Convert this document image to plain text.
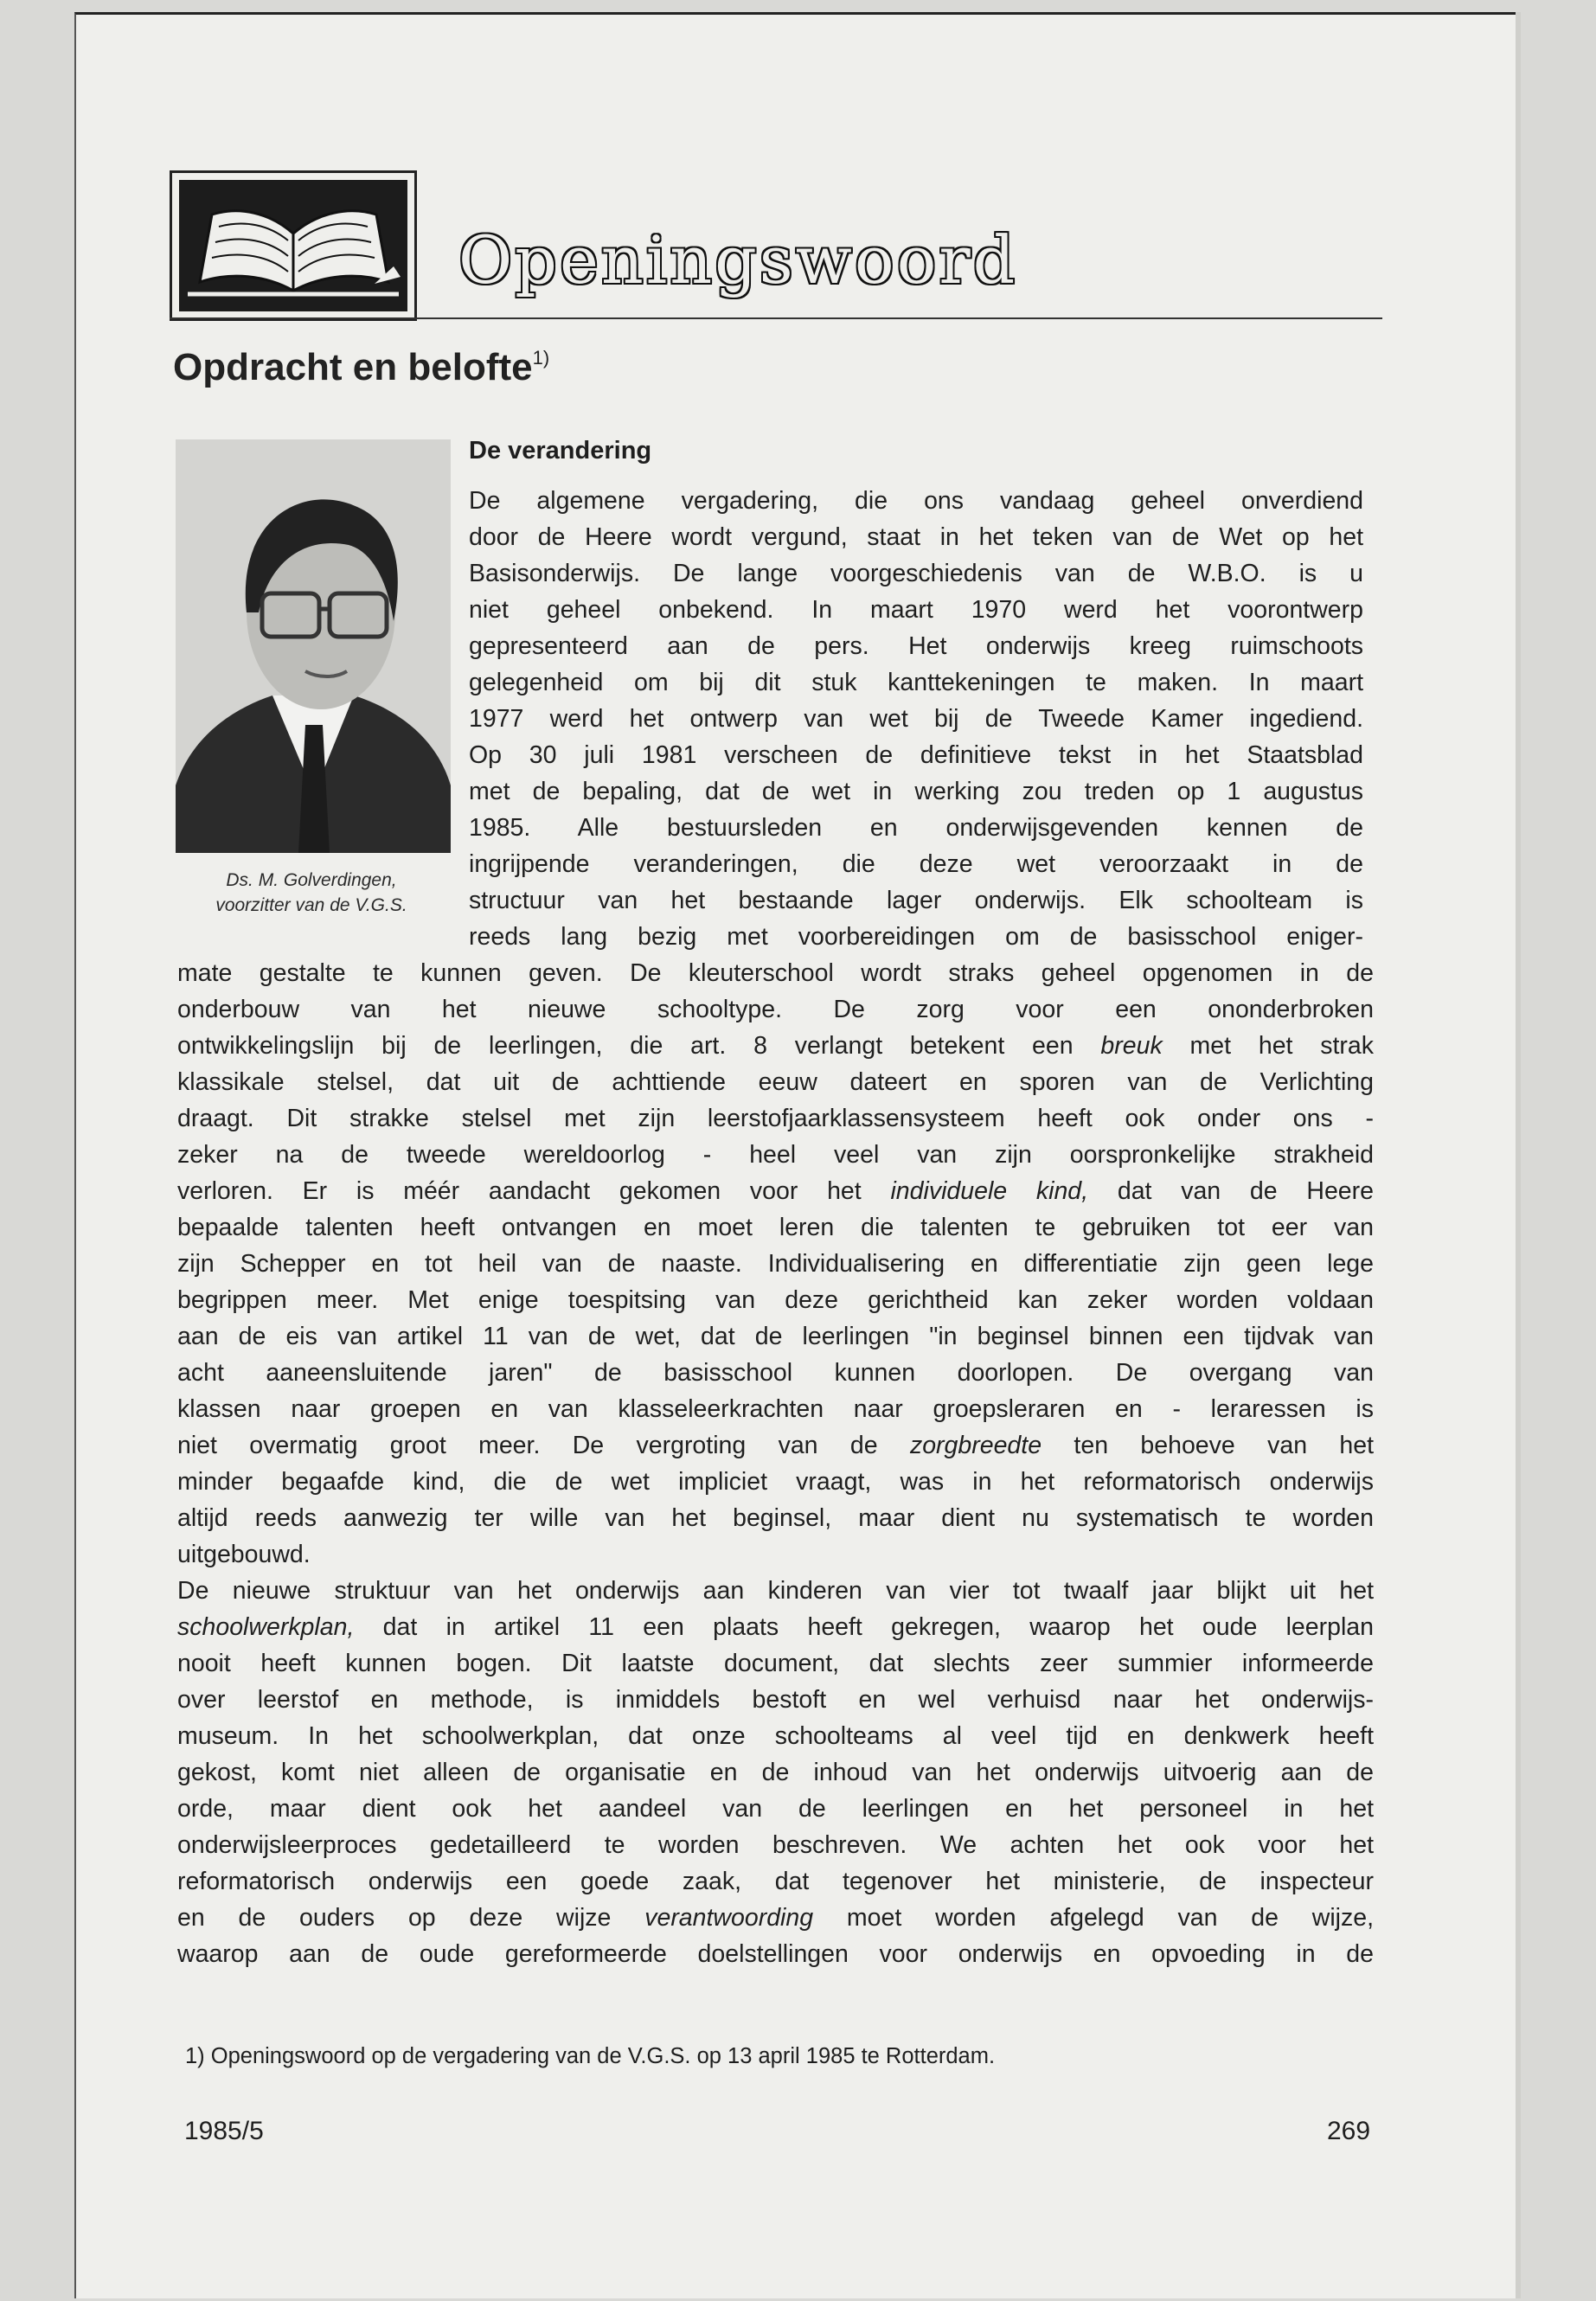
Openingswoord
Opdracht en belofte$^{1)}$
Ds. M. Golverdingen,
voorzitter van de V.G.S.
De verandering
De algemene vergadering, die ons vandaag geheel onverdiend
door de Heere wordt vergund, staat in het teken van de Wet op het
Basisonderwijs. De lange voorgeschiedenis van de W.B.O. is u
niet geheel onbekend. In maart 1970 werd het voorontwerp
gepresenteerd aan de pers. Het onderwijs kreeg ruimschoots
gelegenheid om bij dit stuk kanttekeningen te maken. In maart
1977 werd het ontwerp van wet bij de Tweede Kamer ingediend.
Op 30 juli 1981 verscheen de definitieve tekst in het Staatsblad
met de bepaling, dat de wet in werking zou treden op 1 augustus
1985. Alle bestuursleden en onderwijsgevenden kennen de
ingrijpende veranderingen, die deze wet veroorzaakt in de
structuur van het bestaande lager onderwijs. Elk schoolteam is
reeds lang bezig met voorbereidingen om de basisschool eniger-
mate gestalte te kunnen geven. De kleuterschool wordt straks geheel opgenomen in de
onderbouw van het nieuwe schooltype. De zorg voor een ononderbroken
ontwikkelingslijn bij de leerlingen, die art. 8 verlangt betekent een breuk met het strak
klassikale stelsel, dat uit de achttiende eeuw dateert en sporen van de Verlichting
draagt. Dit strakke stelsel met zijn leerstofjaarklassensysteem heeft ook onder ons -
zeker na de tweede wereldoorlog - heel veel van zijn oorspronkelijke strakheid
verloren. Er is méér aandacht gekomen voor het individuele kind, dat van de Heere
bepaalde talenten heeft ontvangen en moet leren die talenten te gebruiken tot eer van
zijn Schepper en tot heil van de naaste. Individualisering en differentiatie zijn geen lege
begrippen meer. Met enige toespitsing van deze gerichtheid kan zeker worden voldaan
aan de eis van artikel 11 van de wet, dat de leerlingen "in beginsel binnen een tijdvak van
acht aaneensluitende jaren" de basisschool kunnen doorlopen. De overgang van
klassen naar groepen en van klasseleerkrachten naar groepsleraren en - leraressen is
niet overmatig groot meer. De vergroting van de zorgbreedte ten behoeve van het
minder begaafde kind, die de wet impliciet vraagt, was in het reformatorisch onderwijs
altijd reeds aanwezig ter wille van het beginsel, maar dient nu systematisch te worden
uitgebouwd.
De nieuwe struktuur van het onderwijs aan kinderen van vier tot twaalf jaar blijkt uit het
schoolwerkplan, dat in artikel 11 een plaats heeft gekregen, waarop het oude leerplan
nooit heeft kunnen bogen. Dit laatste document, dat slechts zeer summier informeerde
over leerstof en methode, is inmiddels bestoft en wel verhuisd naar het onderwijs-
museum. In het schoolwerkplan, dat onze schoolteams al veel tijd en denkwerk heeft
gekost, komt niet alleen de organisatie en de inhoud van het onderwijs uitvoerig aan de
orde, maar dient ook het aandeel van de leerlingen en het personeel in het
onderwijsleerproces gedetailleerd te worden beschreven. We achten het ook voor het
reformatorisch onderwijs een goede zaak, dat tegenover het ministerie, de inspecteur
en de ouders op deze wijze verantwoording moet worden afgelegd van de wijze,
waarop aan de oude gereformeerde doelstellingen voor onderwijs en opvoeding in de
1) Openingswoord op de vergadering van de V.G.S. op 13 april 1985 te Rotterdam.
1985/5	269
